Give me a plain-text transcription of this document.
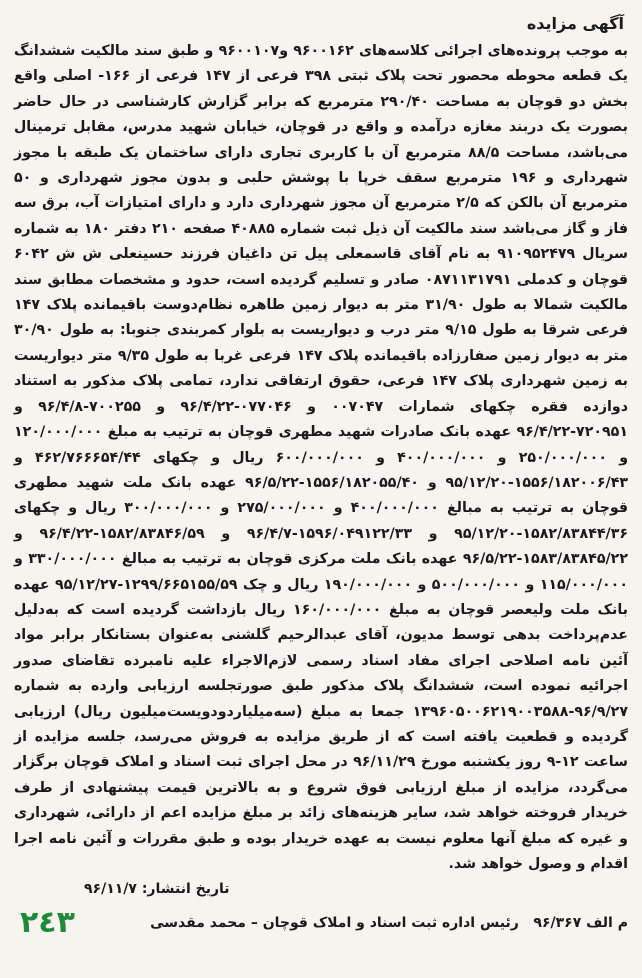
آگهی مزایده

به موجب پرونده‌های اجرائی کلاسه‌های ۹۶۰۰۱۶۲ و۹۶۰۰۱۰۷ و طبق سند مالکیت ششدانگ یک قطعه محوطه محصور تحت پلاک ثبتی ۳۹۸ فرعی از ۱۴۷ فرعی از ۱۶۶- اصلی واقع بخش دو قوچان به مساحت ۲۹۰/۴۰ مترمربع که برابر گزارش کارشناسی در حال حاضر بصورت یک دربند مغازه درآمده و واقع در قوچان، خیابان شهید مدرس، مقابل ترمینال می‌باشد، مساحت ۸۸/۵ مترمربع آن با کاربری تجاری دارای ساختمان یک طبقه با مجوز شهرداری و ۱۹۶ مترمربع سقف خرپا با پوشش حلبی و بدون مجوز شهرداری و ۵۰ مترمربع آن بالکن که ۲/۵ مترمربع آن مجوز شهرداری دارد و دارای امتیازات آب، برق سه فاز و گاز می‌باشد سند مالکیت آن ذیل ثبت شماره ۴۰۸۸۵ صفحه ۲۱۰ دفتر ۱۸۰ به شماره سریال ۹۱۰۹۵۲۴۷۹ به نام آقای قاسمعلی پیل تن داغیان فرزند حسینعلی ش ش ۶۰۴۲ قوچان و کدملی ۰۸۷۱۱۳۱۷۹۱ صادر و تسلیم گردیده است، حدود و مشخصات مطابق سند مالکیت شمالا به طول ۳۱/۹۰ متر به دیوار زمین طاهره نظام‌دوست باقیمانده پلاک ۱۴۷ فرعی شرقا به طول ۹/۱۵ متر درب و دیواریست به بلوار کمربندی جنوبا: به طول ۳۰/۹۰ متر به دیوار زمین صفارزاده باقیمانده پلاک ۱۴۷ فرعی غربا به طول ۹/۳۵ متر دیواریست به زمین شهرداری پلاک ۱۴۷ فرعی، حقوق ارتفاقی ندارد، تمامی پلاک مذکور به استناد دوازده فقره چکهای شمارات ۰۰۷۰۴۷ و ۰۷۷۰۴۶-۹۶/۴/۲۲ و ۷۰۰۲۵۵-۹۶/۴/۸ و ۷۲۰۹۵۱-۹۶/۴/۲۲ عهده بانک صادرات شهید مطهری قوچان به ترتیب به مبلغ ۱۲۰/۰۰۰/۰۰۰ و ۲۵۰/۰۰۰/۰۰۰ و ۴۰۰/۰۰۰/۰۰۰ و ۶۰۰/۰۰۰/۰۰۰ ریال و چکهای ۴۶۲/۷۶۶۶۵۴/۴۴ و ۱۵۵۶/۱۸۲۰۰۶/۴۳-۹۵/۱۲/۲۰ و ۱۵۵۶/۱۸۲۰۵۵/۴۰-۹۶/۵/۲۲ عهده بانک ملت شهید مطهری قوچان به ترتیب به مبالغ ۴۰۰/۰۰۰/۰۰۰ و ۲۷۵/۰۰۰/۰۰۰ و ۳۰۰/۰۰۰/۰۰۰ ریال و چکهای ۱۵۸۲/۸۳۸۴۴/۳۶-۹۵/۱۲/۲۰ و ۱۵۹۶/۰۴۹۱۲۲/۳۳-۹۶/۴/۷ و ۱۵۸۲/۸۳۸۴۶/۵۹-۹۶/۴/۲۲ و ۱۵۸۳/۸۳۸۴۵/۲۲-۹۶/۵/۲۲ عهده بانک ملت مرکزی قوچان به ترتیب به مبالغ ۳۳۰/۰۰۰/۰۰۰ و ۱۱۵/۰۰۰/۰۰۰ و ۵۰۰/۰۰۰/۰۰۰ و ۱۹۰/۰۰۰/۰۰۰ ریال و چک ۱۲۹۹/۶۶۵۱۵۵/۵۹-۹۵/۱۲/۲۷ عهده بانک ملت ولیعصر قوچان به مبلغ ۱۶۰/۰۰۰/۰۰۰ ریال بازداشت گردیده است که به‌دلیل عدم‌پرداخت بدهی توسط مدیون، آقای عبدالرحیم گلشنی به‌عنوان بستانکار برابر مواد آئین نامه اصلاحی اجرای مفاد اسناد رسمی لازم‌الاجراء علیه نامبرده تقاضای صدور اجرائیه نموده است، ششدانگ پلاک مذکور طبق صورتجلسه ارزیابی وارده به شماره ۹۶/۹/۲۷-۱۳۹۶۰۵۰۰۶۲۱۹۰۰۳۵۸۸ جمعا به مبلغ (سه‌میلیاردودویست‌میلیون ریال) ارزیابی گردیده و قطعیت یافته است که از طریق مزایده به فروش می‌رسد، جلسه مزایده از ساعت ۱۲-۹ روز یکشنبه مورخ ۹۶/۱۱/۲۹ در محل اجرای ثبت اسناد و املاک قوچان برگزار می‌گردد، مزایده از مبلغ ارزیابی فوق شروع و به بالاترین قیمت پیشنهادی از طرف خریدار فروخته خواهد شد، سایر هزینه‌های زائد بر مبلغ مزایده اعم از دارائی، شهرداری و غیره که مبلغ آنها معلوم نیست به عهده خریدار بوده و طبق مقررات و آئین نامه اجرا اقدام و وصول خواهد شد.

تاریخ انتشار: ۹۶/۱۱/۷
م الف ۹۶/۳۶۷   رئیس اداره ثبت اسناد و املاک قوچان – محمد مقدسی
٢٤٣
